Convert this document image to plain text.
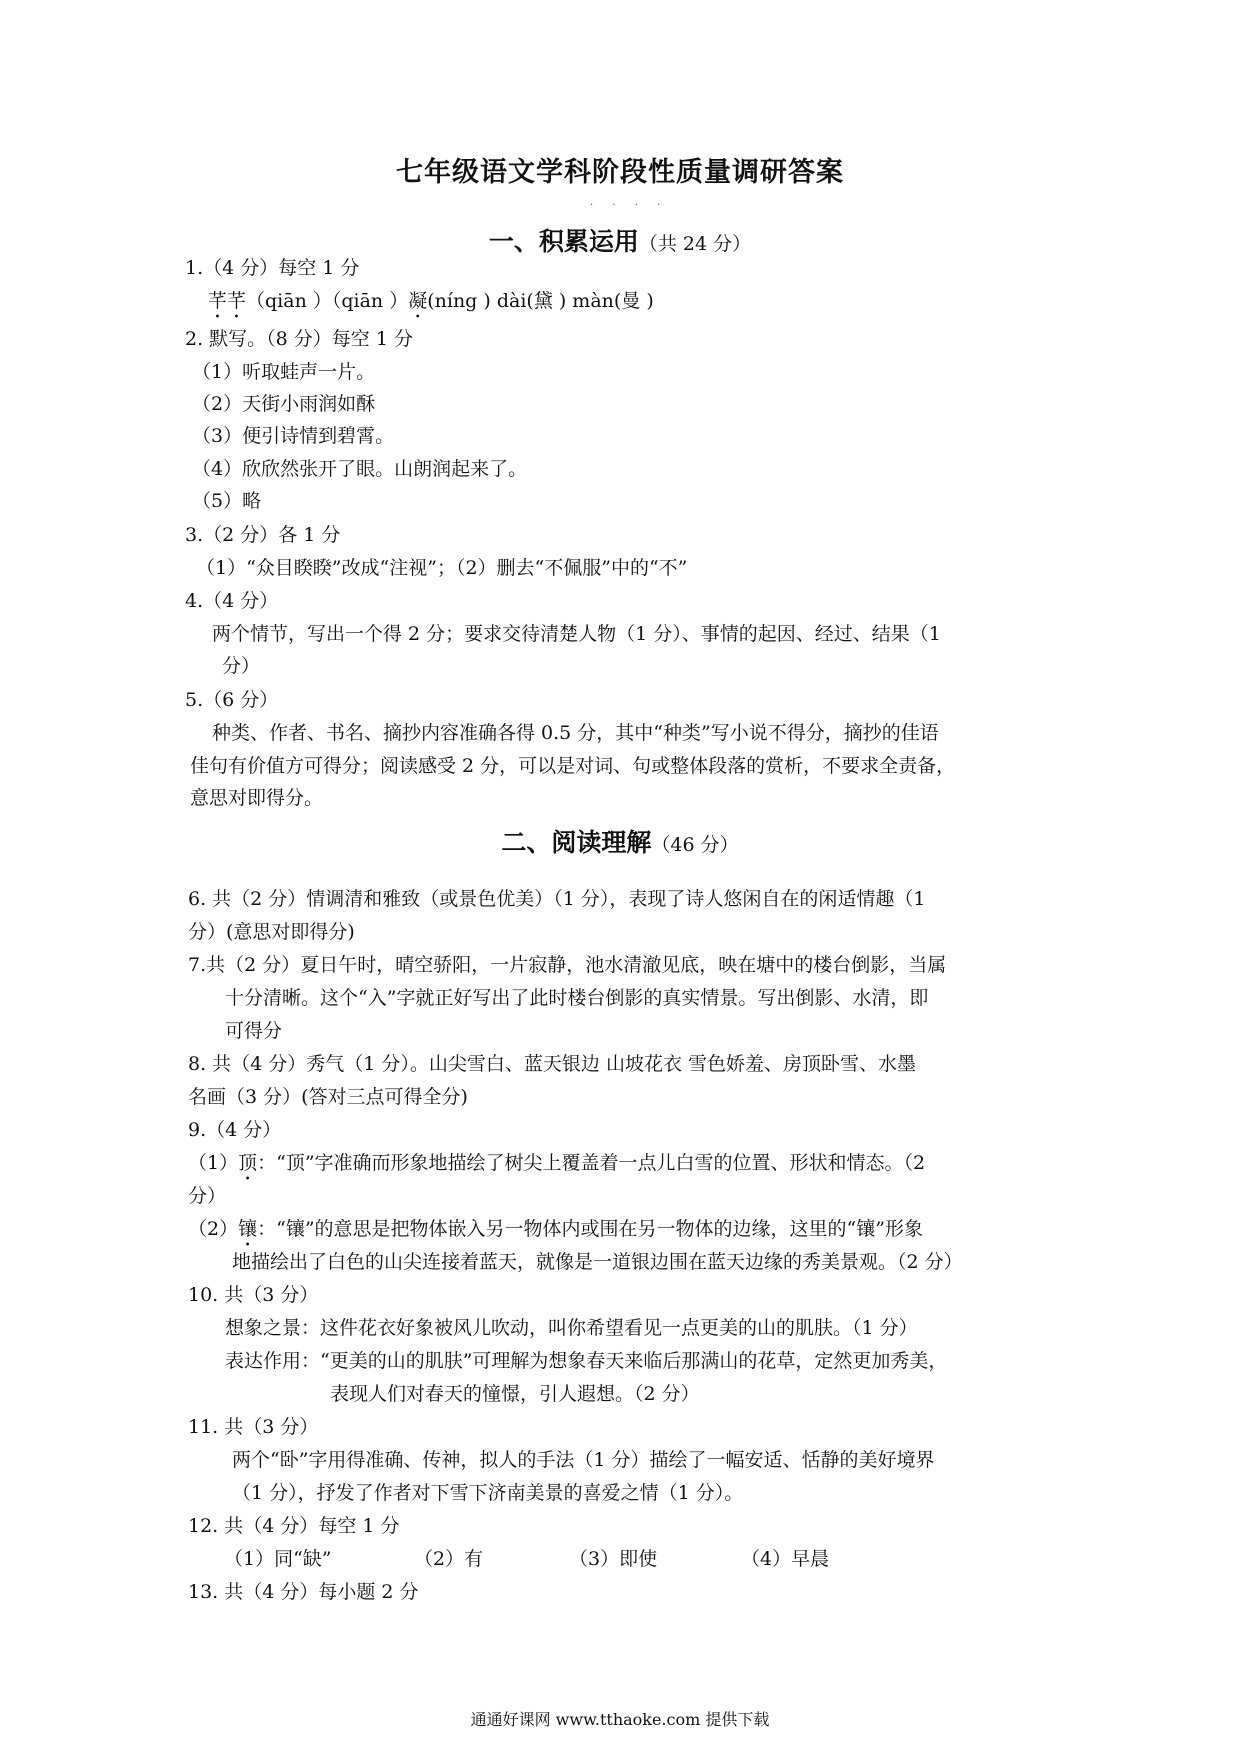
七年级语文学科阶段性质量调研答案
· · · ·
一、积累运用（共 24 分）
1.（4 分）每空 1 分
芊芊（qiān ）（qiān ）凝(níng ) dài(黛 ) màn(曼 )
2. 默写。（8 分）每空 1 分
（1）听取蛙声一片。
（2）天街小雨润如酥
（3）便引诗情到碧霄。
（4）欣欣然张开了眼。山朗润起来了。
（5）略
3.（2 分）各 1 分
（1）“众目睽睽”改成“注视”；（2）删去“不佩服”中的“不”
4.（4 分）
两个情节，写出一个得 2 分；要求交待清楚人物（1 分）、事情的起因、经过、结果（1
分）
5.（6 分）
种类、作者、书名、摘抄内容准确各得 0.5 分，其中“种类”写小说不得分，摘抄的佳语
佳句有价值方可得分；阅读感受 2 分，可以是对词、句或整体段落的赏析，不要求全责备，
意思对即得分。
二、阅读理解（46 分）
6. 共（2 分）情调清和雅致（或景色优美）（1 分），表现了诗人悠闲自在的闲适情趣（1
分）(意思对即得分)
7.共（2 分）夏日午时，晴空骄阳，一片寂静，池水清澈见底，映在塘中的楼台倒影，当属
十分清晰。这个“入”字就正好写出了此时楼台倒影的真实情景。写出倒影、水清，即
可得分
8. 共（4 分）秀气（1 分）。山尖雪白、蓝天银边 山坡花衣 雪色娇羞、房顶卧雪、水墨
名画（3 分）(答对三点可得全分)
9.（4 分）
（1）顶：“顶”字准确而形象地描绘了树尖上覆盖着一点儿白雪的位置、形状和情态。（2
分）
（2）镶：“镶”的意思是把物体嵌入另一物体内或围在另一物体的边缘，这里的“镶”形象
地描绘出了白色的山尖连接着蓝天，就像是一道银边围在蓝天边缘的秀美景观。（2 分）
10. 共（3 分）
想象之景：这件花衣好象被风儿吹动，叫你希望看见一点更美的山的肌肤。（1 分）
表达作用：“更美的山的肌肤”可理解为想象春天来临后那满山的花草，定然更加秀美，
表现人们对春天的憧憬，引人遐想。（2 分）
11. 共（3 分）
两个“卧”字用得准确、传神，拟人的手法（1 分）描绘了一幅安适、恬静的美好境界
（1 分），抒发了作者对下雪下济南美景的喜爱之情（1 分）。
12. 共（4 分）每空 1 分
（1）同“缺”	（2）有	（3）即使	（4）早晨
13. 共（4 分）每小题 2 分
通通好课网 www.tthaoke.com 提供下载
